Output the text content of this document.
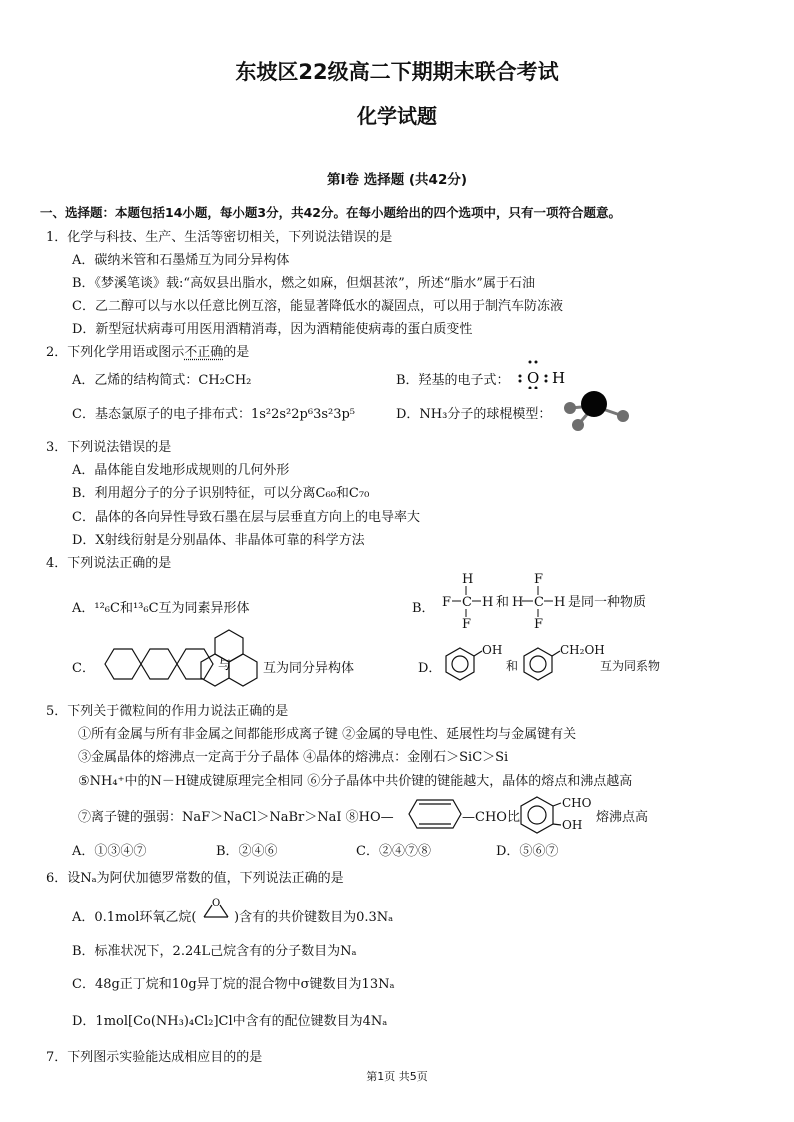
东坡区22级高二下期期末联合考试
化学试题
第Ⅰ卷 选择题 (共42分)
一、选择题：本题包括14小题，每小题3分，共42分。在每小题给出的四个选项中，只有一项符合题意。
1．化学与科技、生产、生活等密切相关，下列说法错误的是
A．碳纳米管和石墨烯互为同分异构体
B．《梦溪笔谈》载:“高奴县出脂水，燃之如麻，但烟甚浓”，所述“脂水”属于石油
C．乙二醇可以与水以任意比例互溶，能显著降低水的凝固点，可以用于制汽车防冻液
D．新型冠状病毒可用医用酒精消毒，因为酒精能使病毒的蛋白质变性
2．下列化学用语或图示不正确的是
A．乙烯的结构简式：CH₂CH₂	B．羟基的电子式： O H
C．基态氯原子的电子排布式：1s²2s²2p⁶3s²3p⁵	D．NH₃分子的球棍模型：
3．下列说法错误的是
A．晶体能自发地形成规则的几何外形
B．利用超分子的分子识别特征，可以分离C₆₀和C₇₀
C．晶体的各向异性导致石墨在层与层垂直方向上的电导率大
D．X射线衍射是分别晶体、非晶体可靠的科学方法
4．下列说法正确的是
A．¹²₆C和¹³₆C互为同素异形体	B．
H
F
F C H 和 H
F
F
C H 是同一种物质
C．	与 互为同分异构体	D．
OH
和
CH₂OH
互为同系物
5．下列关于微粒间的作用力说法正确的是
①所有金属与所有非金属之间都能形成离子键 ②金属的导电性、延展性均与金属键有关
③金属晶体的熔沸点一定高于分子晶体 ④晶体的熔沸点：金刚石＞SiC＞Si
⑤NH₄⁺中的N－H键成键原理完全相同 ⑥分子晶体中共价键的键能越大，晶体的熔点和沸点越高
⑦离子键的强弱：NaF＞NaCl＞NaBr＞NaI ⑧HO—	—CHO比
CHO
OH 熔沸点高
A．①③④⑦	B．②④⑥	C．②④⑦⑧	D．⑤⑥⑦
6．设Nₐ为阿伏加德罗常数的值，下列说法正确的是
A．0.1mol环氧乙烷(
O
)含有的共价键数目为0.3Nₐ
B．标准状况下，2.24L己烷含有的分子数目为Nₐ
C．48g正丁烷和10g异丁烷的混合物中σ键数目为13Nₐ
D．1mol[Co(NH₃)₄Cl₂]Cl中含有的配位键数目为4Nₐ
7．下列图示实验能达成相应目的的是
第1页 共5页
